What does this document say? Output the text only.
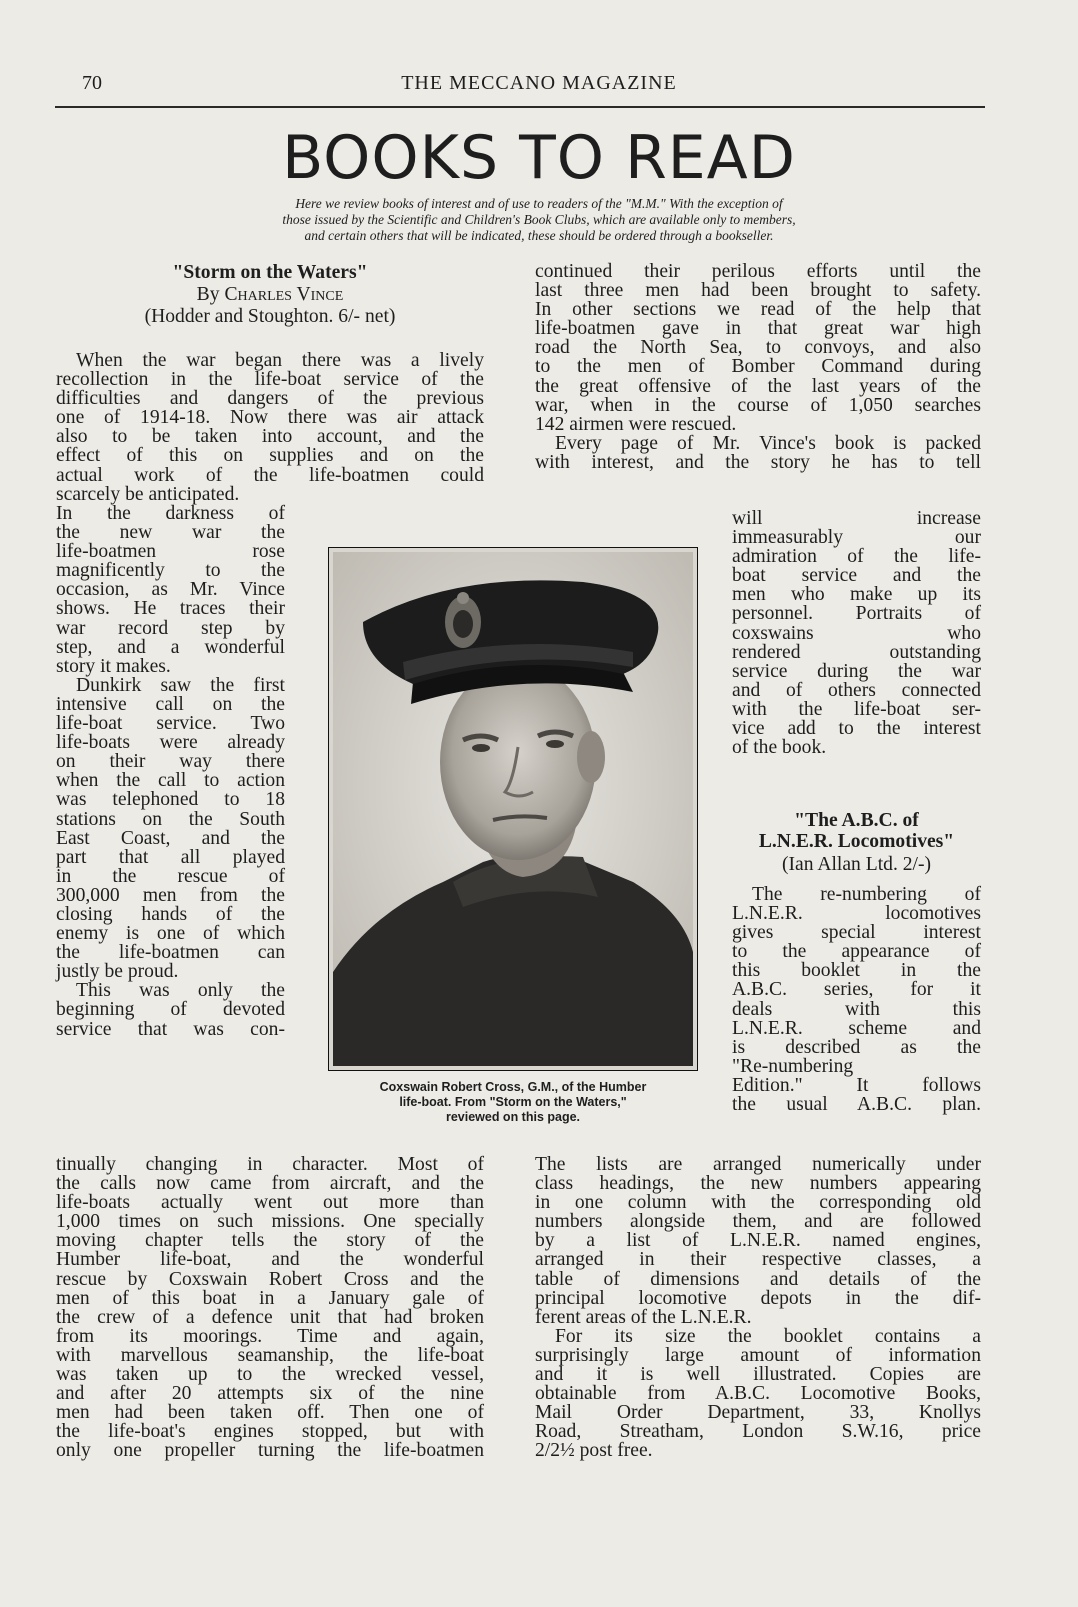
70	THE MECCANO MAGAZINE
BOOKS TO READ
Here we review books of interest and of use to readers of the "M.M." With the exception of
those issued by the Scientific and Children's Book Clubs, which are available only to members,
and certain others that will be indicated, these should be ordered through a bookseller.
"Storm on the Waters"
By Charles Vince
(Hodder and Stoughton. 6/- net)
When the war began there was a lively
recollection in the life-boat service of the
difficulties and dangers of the previous
one of 1914-18. Now there was air attack
also to be taken into account, and the
effect of this on supplies and on the
actual work of the life-boatmen could
scarcely be anticipated.
In the darkness of
the new war the
life-boatmen rose
magnificently to the
occasion, as Mr. Vince
shows. He traces their
war record step by
step, and a wonderful
story it makes.
Dunkirk saw the first
intensive call on the
life-boat service. Two
life-boats were already
on their way there
when the call to action
was telephoned to 18
stations on the South
East Coast, and the
part that all played
in the rescue of
300,000 men from the
closing hands of the
enemy is one of which
the life-boatmen can
justly be proud.
This was only the
beginning of devoted
service that was con-
tinually changing in character. Most of
the calls now came from aircraft, and the
life-boats actually went out more than
1,000 times on such missions. One specially
moving chapter tells the story of the
Humber life-boat, and the wonderful
rescue by Coxswain Robert Cross and the
men of this boat in a January gale of
the crew of a defence unit that had broken
from its moorings. Time and again,
with marvellous seamanship, the life-boat
was taken up to the wrecked vessel,
and after 20 attempts six of the nine
men had been taken off. Then one of
the life-boat's engines stopped, but with
only one propeller turning the life-boatmen
continued their perilous efforts until the
last three men had been brought to safety.
In other sections we read of the help that
life-boatmen gave in that great war high
road the North Sea, to convoys, and also
to the men of Bomber Command during
the great offensive of the last years of the
war, when in the course of 1,050 searches
142 airmen were rescued.
Every page of Mr. Vince's book is packed
with interest, and the story he has to tell
will increase
immeasurably our
admiration of the life-
boat service and the
men who make up its
personnel. Portraits of
coxswains who
rendered outstanding
service during the war
and of others connected
with the life-boat ser-
vice add to the interest
of the book.
"The A.B.C. of
L.N.E.R. Locomotives"
(Ian Allan Ltd. 2/-)
The re-numbering of
L.N.E.R. locomotives
gives special interest
to the appearance of
this booklet in the
A.B.C. series, for it
deals with this
L.N.E.R. scheme and
is described as the
"Re-numbering
Edition." It follows
the usual A.B.C. plan.
The lists are arranged numerically under
class headings, the new numbers appearing
in one column with the corresponding old
numbers alongside them, and are followed
by a list of L.N.E.R. named engines,
arranged in their respective classes, a
table of dimensions and details of the
principal locomotive depots in the dif-
ferent areas of the L.N.E.R.
For its size the booklet contains a
surprisingly large amount of information
and it is well illustrated. Copies are
obtainable from A.B.C. Locomotive Books,
Mail Order Department, 33, Knollys
Road, Streatham, London S.W.16, price
2/2½ post free.
Coxswain Robert Cross, G.M., of the Humber
life-boat. From "Storm on the Waters,"
reviewed on this page.
